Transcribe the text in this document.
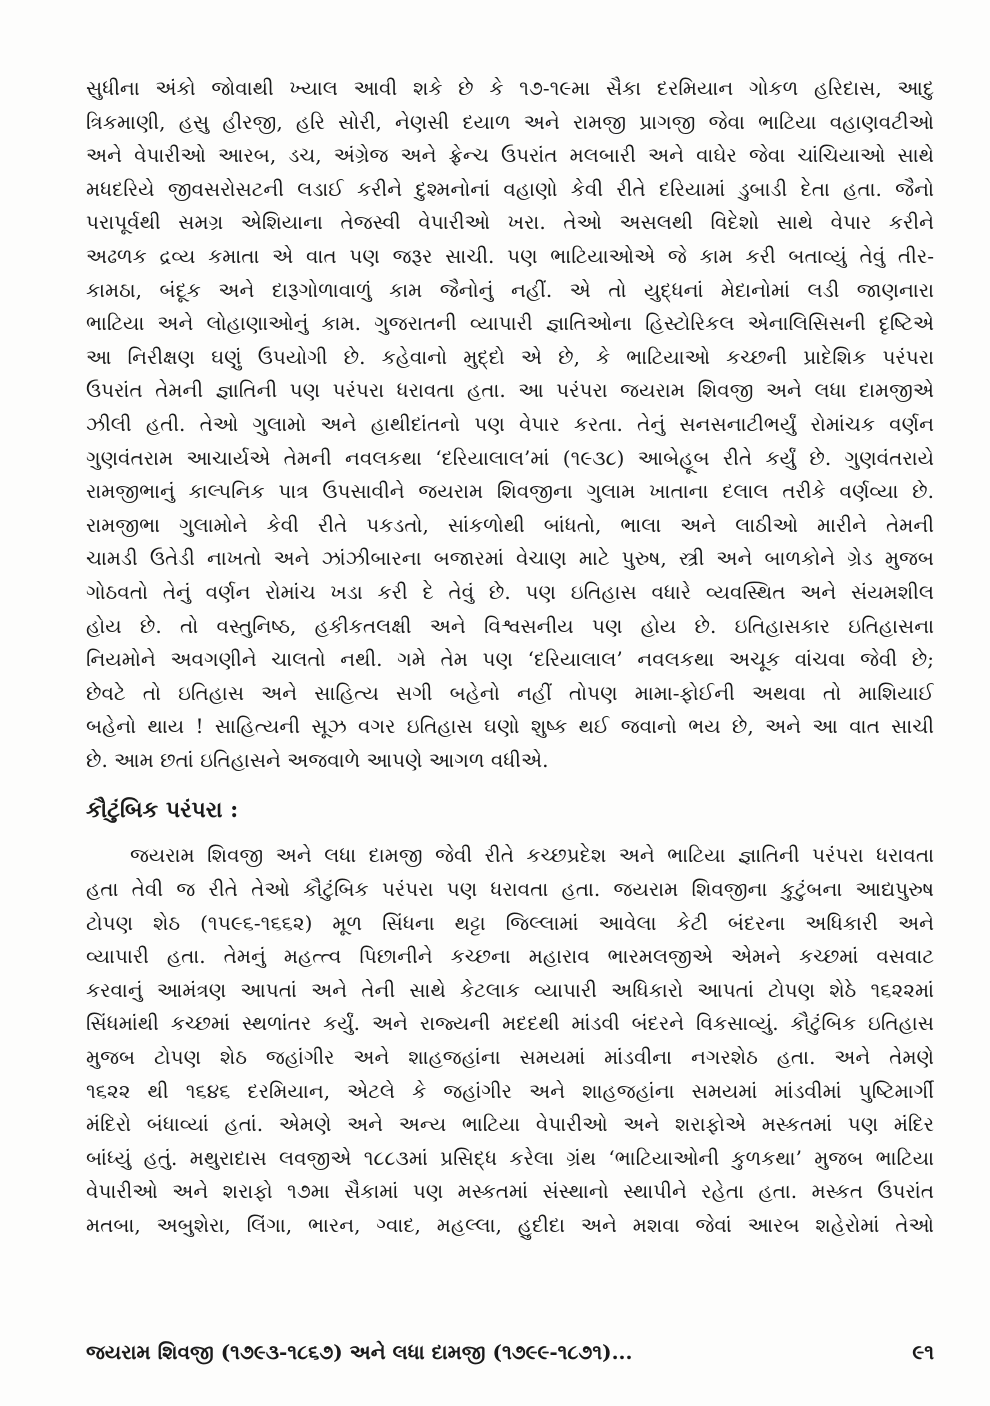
સુધીના અંકો જોવાથી ખ્યાલ આવી શકે છે કે ૧૭-૧૯મા સૈકા દરમિયાન ગોકળ હરિદાસ, આદુ
ત્રિકમાણી, હસુ હીરજી, હરિ સોરી, નેણસી દયાળ અને રામજી પ્રાગજી જેવા ભાટિયા વહાણવટીઓ
અને વેપારીઓ આરબ, ડચ, અંગ્રેજ અને ફ્રેન્ચ ઉપરાંત મલબારી અને વાઘેર જેવા ચાંચિયાઓ સાથે
મધદરિયે જીવસરોસટની લડાઈ કરીને દુશ્મનોનાં વહાણો કેવી રીતે દરિયામાં ડુબાડી દેતા હતા. જૈનો
પરાપૂર્વથી સમગ્ર એશિયાના તેજસ્વી વેપારીઓ ખરા. તેઓ અસલથી વિદેશો સાથે વેપાર કરીને
અઢળક દ્રવ્ય કમાતા એ વાત પણ જરૂર સાચી. પણ ભાટિયાઓએ જે કામ કરી બતાવ્યું તેવું તીર-
કામઠા, બંદૂક અને દારૂગોળાવાળું કામ જૈનોનું નહીં. એ તો યુદ્ધનાં મેદાનોમાં લડી જાણનારા
ભાટિયા અને લોહાણાઓનું કામ. ગુજરાતની વ્યાપારી જ્ઞાતિઓના હિસ્ટોરિકલ એનાલિસિસની દૃષ્ટિએ
આ નિરીક્ષણ ઘણું ઉપયોગી છે. કહેવાનો મુદ્દો એ છે, કે ભાટિયાઓ કચ્છની પ્રાદેશિક પરંપરા
ઉપરાંત તેમની જ્ઞાતિની પણ પરંપરા ધરાવતા હતા. આ પરંપરા જયરામ શિવજી અને લધા દામજીએ
ઝીલી હતી. તેઓ ગુલામો અને હાથીદાંતનો પણ વેપાર કરતા. તેનું સનસનાટીભર્યું રોમાંચક વર્ણન
ગુણવંતરામ આચાર્યએ તેમની નવલકથા ‘દરિયાલાલ’માં (૧૯૩૮) આબેહૂબ રીતે કર્યું છે. ગુણવંતરાયે
રામજીભાનું કાલ્પનિક પાત્ર ઉપસાવીને જયરામ શિવજીના ગુલામ ખાતાના દલાલ તરીકે વર્ણવ્યા છે.
રામજીભા ગુલામોને કેવી રીતે પકડતો, સાંકળોથી બાંધતો, ભાલા અને લાઠીઓ મારીને તેમની
ચામડી ઉતેડી નાખતો અને ઝાંઝીબારના બજારમાં વેચાણ માટે પુરુષ, સ્ત્રી અને બાળકોને ગ્રેડ મુજબ
ગોઠવતો તેનું વર્ણન રોમાંચ ખડા કરી દે તેવું છે. પણ ઇતિહાસ વધારે વ્યવસ્થિત અને સંયમશીલ
હોય છે. તો વસ્તુનિષ્ઠ, હકીકતલક્ષી અને વિશ્વસનીય પણ હોય છે. ઇતિહાસકાર ઇતિહાસના
નિયમોને અવગણીને ચાલતો નથી. ગમે તેમ પણ ‘દરિયાલાલ’ નવલકથા અચૂક વાંચવા જેવી છે;
છેવટે તો ઇતિહાસ અને સાહિત્ય સગી બહેનો નહીં તોપણ મામા-ફોઈની અથવા તો માશિયાઈ
બહેનો થાય ! સાહિત્યની સૂઝ વગર ઇતિહાસ ઘણો શુષ્ક થઈ જવાનો ભય છે, અને આ વાત સાચી
છે. આમ છતાં ઇતિહાસને અજવાળે આપણે આગળ વધીએ.

કૌટુંબિક પરંપરા :

જયરામ શિવજી અને લધા દામજી જેવી રીતે કચ્છપ્રદેશ અને ભાટિયા જ્ઞાતિની પરંપરા ધરાવતા
હતા તેવી જ રીતે તેઓ કૌટુંબિક પરંપરા પણ ધરાવતા હતા. જયરામ શિવજીના કુટુંબના આદ્યપુરુષ
ટોપણ શેઠ (૧૫૯૬-૧૬૬૨) મૂળ સિંધના થટ્ટા જિલ્લામાં આવેલા કેટી બંદરના અધિકારી અને
વ્યાપારી હતા. તેમનું મહત્ત્વ પિછાનીને કચ્છના મહારાવ ભારમલજીએ એમને કચ્છમાં વસવાટ
કરવાનું આમંત્રણ આપતાં અને તેની સાથે કેટલાક વ્યાપારી અધિકારો આપતાં ટોપણ શેઠે ૧૬૨૨માં
સિંધમાંથી કચ્છમાં સ્થળાંતર કર્યું. અને રાજ્યની મદદથી માંડવી બંદરને વિકસાવ્યું. કૌટુંબિક ઇતિહાસ
મુજબ ટોપણ શેઠ જહાંગીર અને શાહજહાંના સમયમાં માંડવીના નગરશેઠ હતા. અને તેમણે
૧૬૨૨ થી ૧૬૪૬ દરમિયાન, એટલે કે જહાંગીર અને શાહજહાંના સમયમાં માંડવીમાં પુષ્ટિમાર્ગી
મંદિરો બંધાવ્યાં હતાં. એમણે અને અન્ય ભાટિયા વેપારીઓ અને શરાફોએ મસ્કતમાં પણ મંદિર
બાંધ્યું હતું. મથુરાદાસ લવજીએ ૧૮૮૩માં પ્રસિદ્ધ કરેલા ગ્રંથ ‘ભાટિયાઓની કુળકથા’ મુજબ ભાટિયા
વેપારીઓ અને શરાફો ૧૭મા સૈકામાં પણ મસ્કતમાં સંસ્થાનો સ્થાપીને રહેતા હતા. મસ્કત ઉપરાંત
મતબા, અબુશેરા, લિંગા, ભારન, ગ્વાદ, મહલ્લા, હુદીદા અને મશવા જેવાં આરબ શહેરોમાં તેઓ

જયરામ શિવજી (૧૭૯૩-૧૮૬૭) અને લધા દામજી (૧૭૯૯-૧૮૭૧)...	૯૧
